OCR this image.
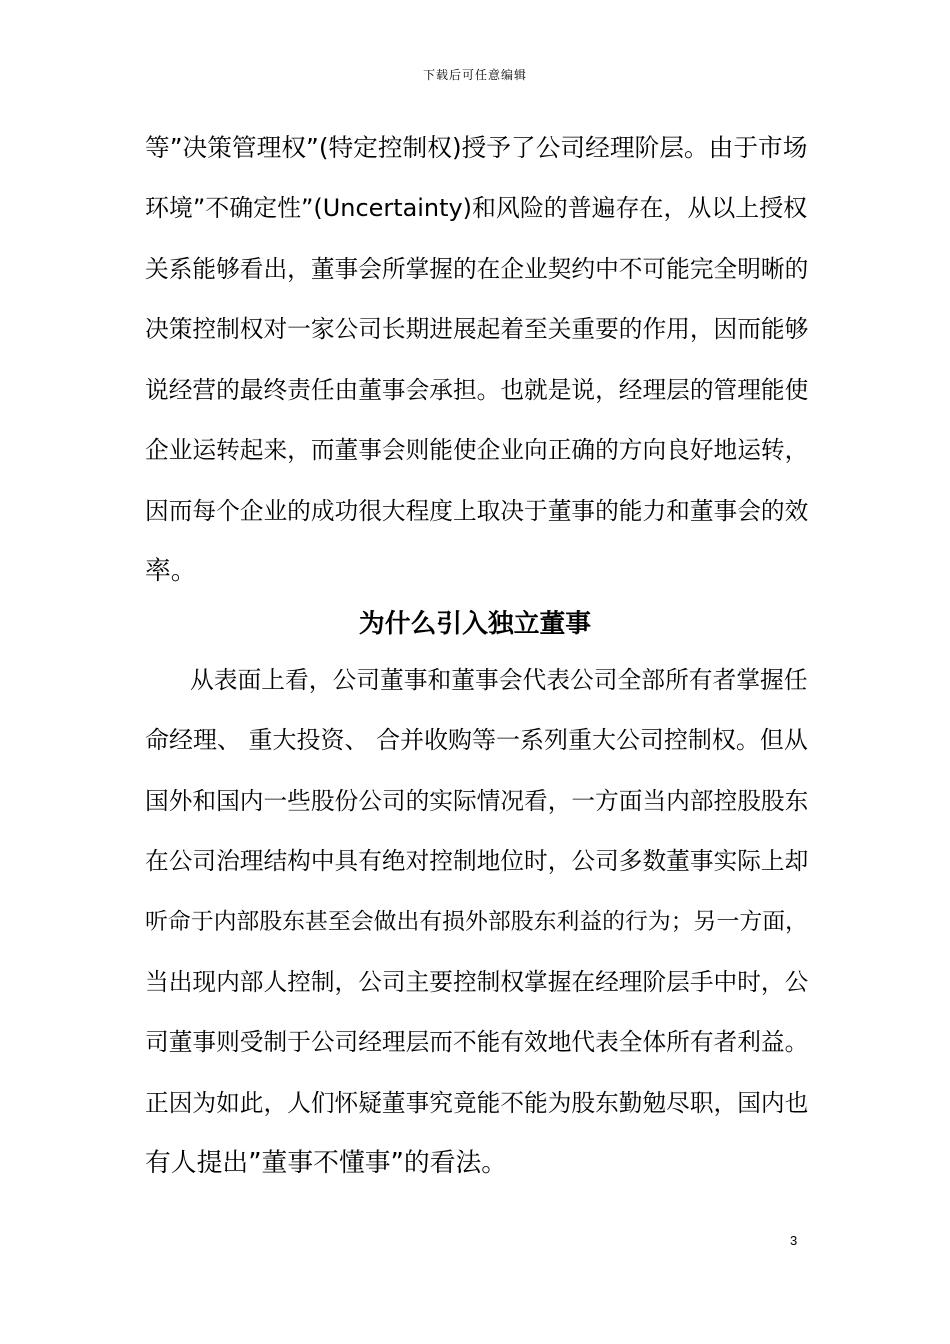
下载后可任意编辑
等”决策管理权”(特定控制权)授予了公司经理阶层。由于市场
环境”不确定性”(Uncertainty)和风险的普遍存在，从以上授权
关系能够看出，董事会所掌握的在企业契约中不可能完全明晰的
决策控制权对一家公司长期进展起着至关重要的作用，因而能够
说经营的最终责任由董事会承担。也就是说，经理层的管理能使
企业运转起来，而董事会则能使企业向正确的方向良好地运转，
因而每个企业的成功很大程度上取决于董事的能力和董事会的效
率。
为什么引入独立董事
从表面上看，公司董事和董事会代表公司全部所有者掌握任
命经理、 重大投资、 合并收购等一系列重大公司控制权。但从
国外和国内一些股份公司的实际情况看，一方面当内部控股股东
在公司治理结构中具有绝对控制地位时，公司多数董事实际上却
听命于内部股东甚至会做出有损外部股东利益的行为；另一方面，
当出现内部人控制，公司主要控制权掌握在经理阶层手中时，公
司董事则受制于公司经理层而不能有效地代表全体所有者利益。
正因为如此，人们怀疑董事究竟能不能为股东勤勉尽职，国内也
有人提出”董事不懂事”的看法。
3
